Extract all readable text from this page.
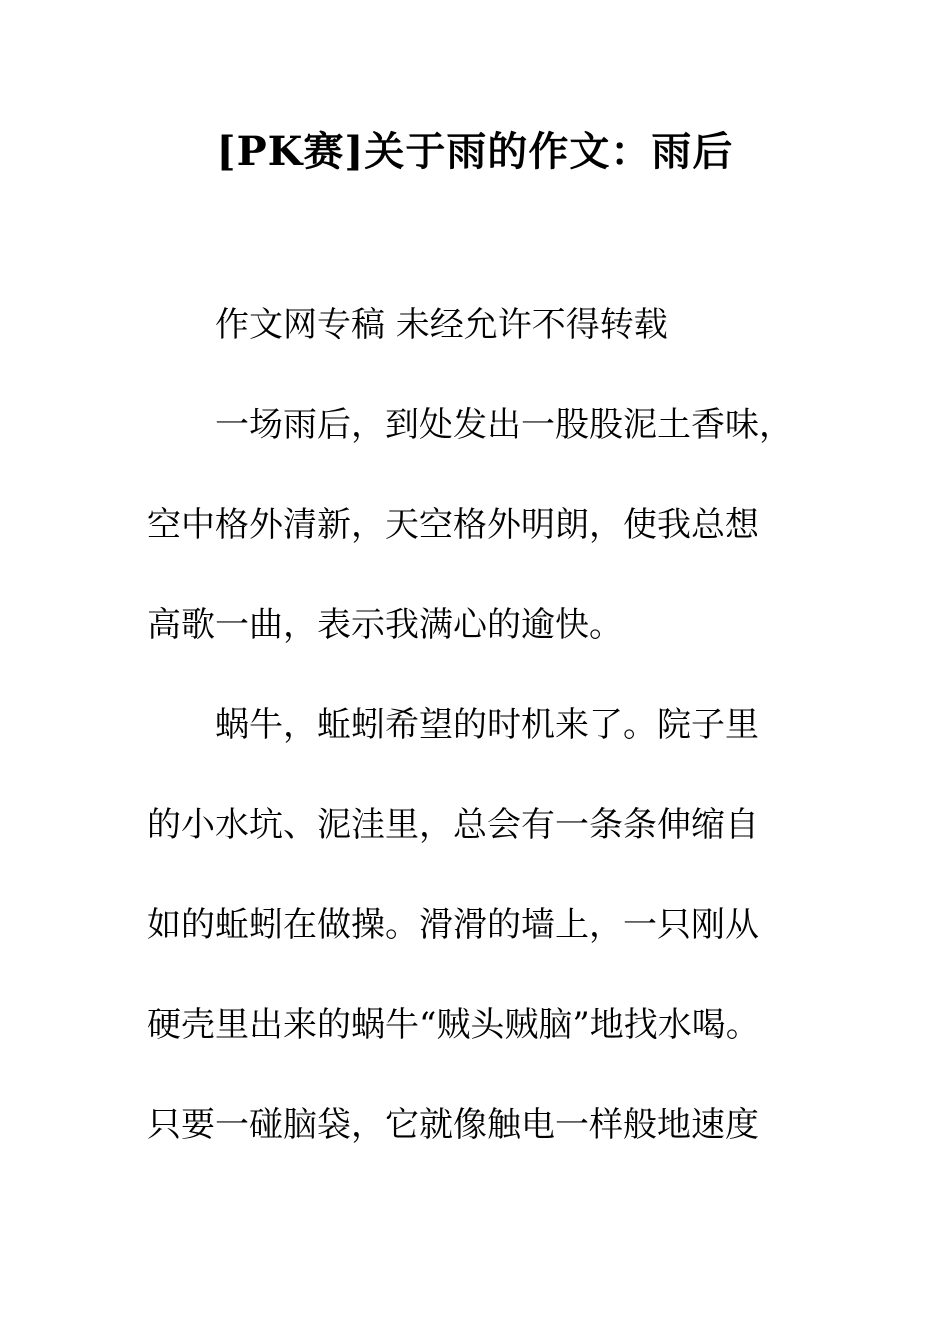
[PK赛]关于雨的作文：雨后
作文网专稿 未经允许不得转载
一场雨后，到处发出一股股泥土香味，
空中格外清新，天空格外明朗，使我总想
高歌一曲，表示我满心的逾快。
蜗牛，蚯蚓希望的时机来了。院子里
的小水坑、泥洼里，总会有一条条伸缩自
如的蚯蚓在做操。滑滑的墙上，一只刚从
硬壳里出来的蜗牛“贼头贼脑”地找水喝。
只要一碰脑袋，它就像触电一样般地速度
